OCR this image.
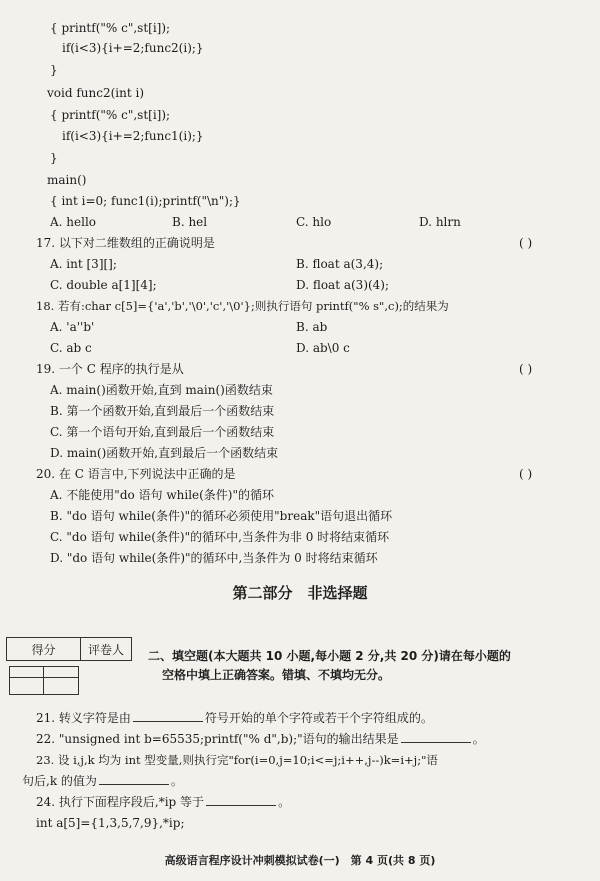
{ printf("% c",st[i]);
if(i<3){i+=2;func2(i);}
}
void func2(int i)
{ printf("% c",st[i]);
if(i<3){i+=2;func1(i);}
}
main()
{ int i=0; func1(i);printf("\n");}
A. hello	B. hel	C. hlo	D. hlrn
17. 以下对二维数组的正确说明是	( )
A. int [3][];	B. float a(3,4);
C. double a[1][4];	D. float a(3)(4);
18. 若有:char c[5]={'a','b','\0','c','\0'};则执行语句 printf("% s",c);的结果为
A. 'a''b'	B. ab
C. ab c	D. ab\0 c
19. 一个 C 程序的执行是从	( )
A. main()函数开始,直到 main()函数结束
B. 第一个函数开始,直到最后一个函数结束
C. 第一个语句开始,直到最后一个函数结束
D. main()函数开始,直到最后一个函数结束
20. 在 C 语言中,下列说法中正确的是	( )
A. 不能使用"do 语句 while(条件)"的循环
B. "do 语句 while(条件)"的循环必须使用"break"语句退出循环
C. "do 语句 while(条件)"的循环中,当条件为非 0 时将结束循环
D. "do 语句 while(条件)"的循环中,当条件为 0 时将结束循环
第二部分　非选择题
得分	评卷人
	二、填空题(本大题共 10 小题,每小题 2 分,共 20 分)请在每小题的
空格中填上正确答案。错填、不填均无分。
21. 转义字符是由	符号开始的单个字符或若干个字符组成的。
22. "unsigned int b=65535;printf("% d",b);"语句的输出结果是	。
23. 设 i,j,k 均为 int 型变量,则执行完"for(i=0,j=10;i<=j;i++,j--)k=i+j;"语
句后,k 的值为	。
24. 执行下面程序段后,*ip 等于	。
int a[5]={1,3,5,7,9},*ip;
高级语言程序设计冲刺模拟试卷(一)　第 4 页(共 8 页)
